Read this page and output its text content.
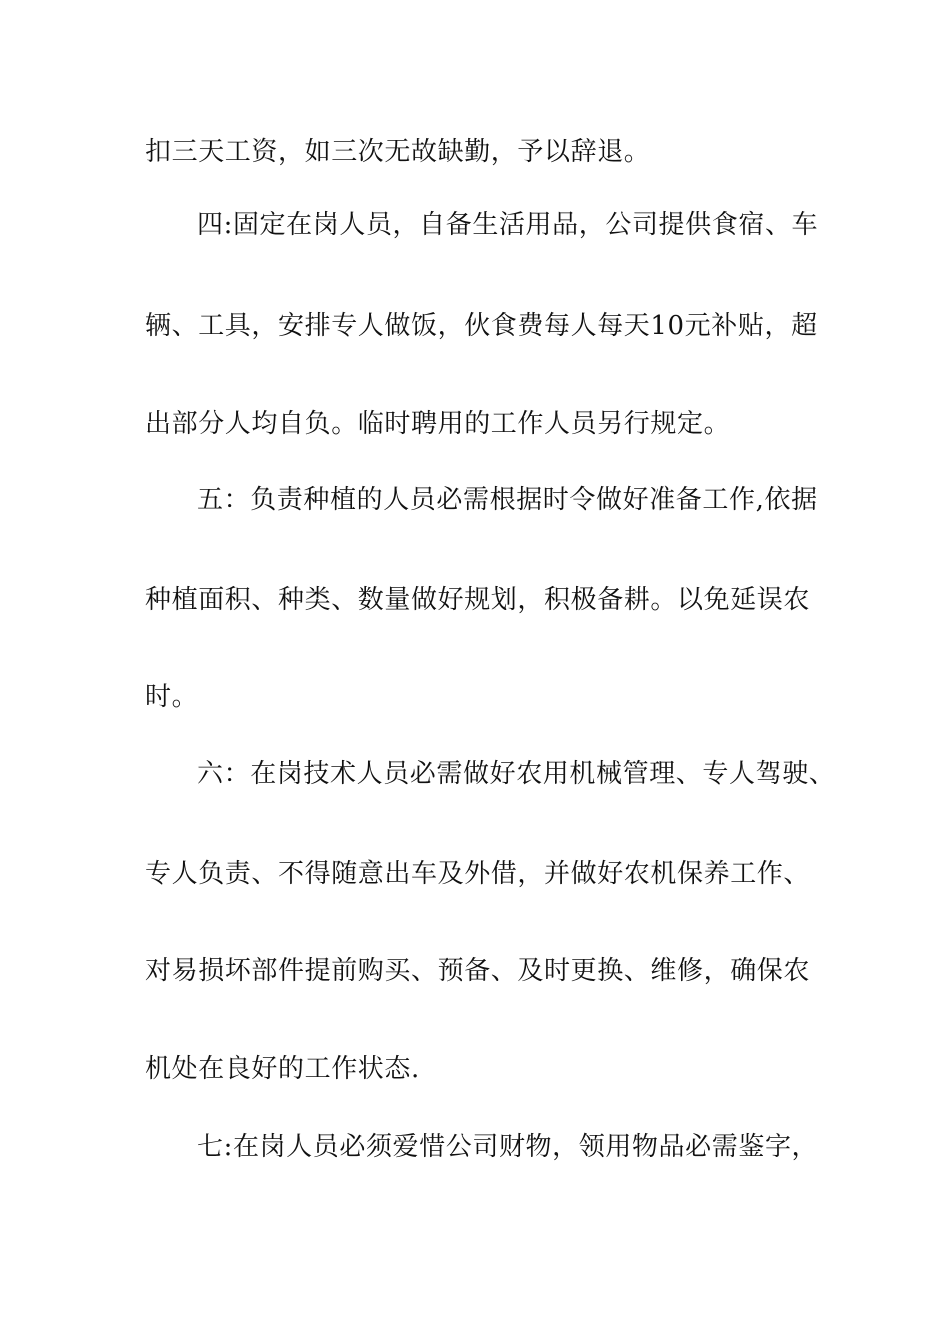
扣三天工资，如三次无故缺勤，予以辞退。
四:固定在岗人员，自备生活用品，公司提供食宿、车
辆、工具，安排专人做饭，伙食费每人每天10元补贴，超
出部分人均自负。临时聘用的工作人员另行规定。
五：负责种植的人员必需根据时令做好准备工作,依据
种植面积、种类、数量做好规划，积极备耕。以免延误农
时。
六：在岗技术人员必需做好农用机械管理、专人驾驶、
专人负责、不得随意出车及外借，并做好农机保养工作、
对易损坏部件提前购买、预备、及时更换、维修，确保农
机处在良好的工作状态.
七:在岗人员必须爱惜公司财物，领用物品必需鉴字，
